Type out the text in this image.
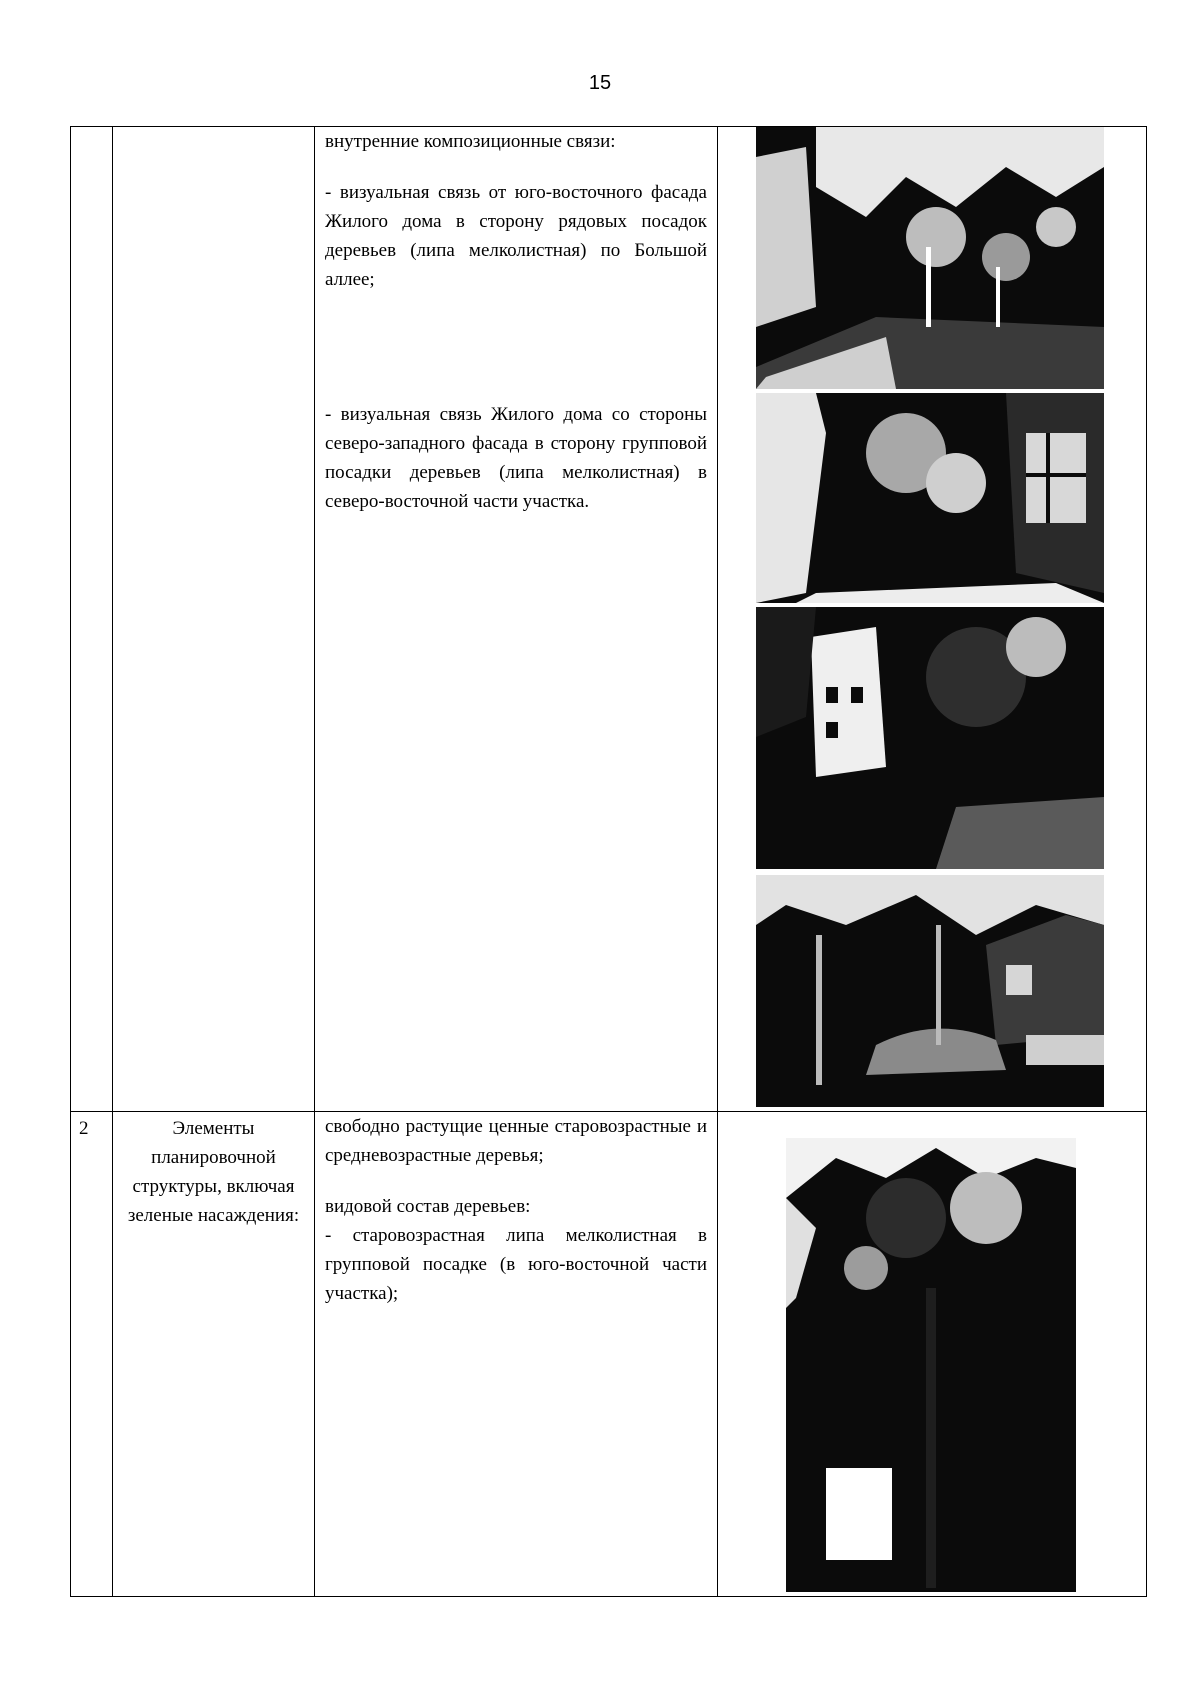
15

		внутренние композиционные связи:

- визуальная связь от юго-восточного фасада Жилого дома в сторону рядовых посадок деревьев (липа мелколистная) по Большой аллее;

- визуальная связь Жилого дома со стороны северо-западного фасада в сторону групповой посадки деревьев (липа мелколистная) в северо-восточной части участка.

2	Элементы планировочной структуры, включая зеленые насаждения:	свободно растущие ценные старовозрастные и средневозрастные деревья;

видовой состав деревьев:

- старовозрастная липа мелколистная в групповой посадке (в юго-восточной части участка);
